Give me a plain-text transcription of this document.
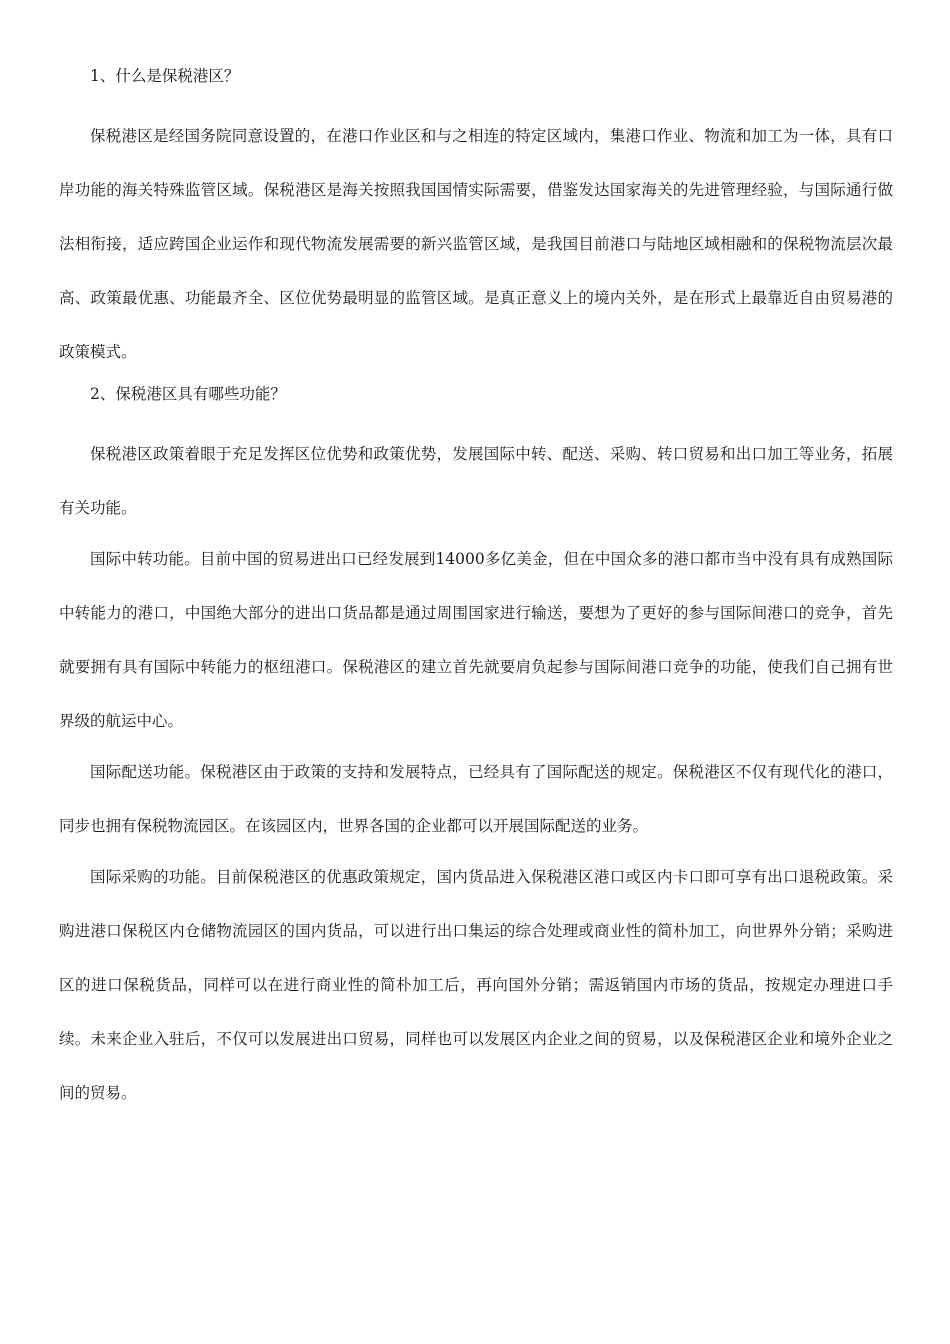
1、什么是保税港区？

保税港区是经国务院同意设置的，在港口作业区和与之相连的特定区域内，集港口作业、物流和加工为一体，具有口岸功能的海关特殊监管区域。保税港区是海关按照我国国情实际需要，借鉴发达国家海关的先进管理经验，与国际通行做法相衔接，适应跨国企业运作和现代物流发展需要的新兴监管区域，是我国目前港口与陆地区域相融和的保税物流层次最高、政策最优惠、功能最齐全、区位优势最明显的监管区域。是真正意义上的境内关外，是在形式上最靠近自由贸易港的政策模式。

2、保税港区具有哪些功能？

保税港区政策着眼于充足发挥区位优势和政策优势，发展国际中转、配送、采购、转口贸易和出口加工等业务，拓展有关功能。

国际中转功能。目前中国的贸易进出口已经发展到14000多亿美金，但在中国众多的港口都市当中没有具有成熟国际中转能力的港口，中国绝大部分的进出口货品都是通过周围国家进行输送，要想为了更好的参与国际间港口的竞争，首先就要拥有具有国际中转能力的枢纽港口。保税港区的建立首先就要肩负起参与国际间港口竞争的功能，使我们自己拥有世界级的航运中心。

国际配送功能。保税港区由于政策的支持和发展特点，已经具有了国际配送的规定。保税港区不仅有现代化的港口，同步也拥有保税物流园区。在该园区内，世界各国的企业都可以开展国际配送的业务。

国际采购的功能。目前保税港区的优惠政策规定，国内货品进入保税港区港口或区内卡口即可享有出口退税政策。采购进港口保税区内仓储物流园区的国内货品，可以进行出口集运的综合处理或商业性的简朴加工，向世界外分销；采购进区的进口保税货品，同样可以在进行商业性的简朴加工后，再向国外分销；需返销国内市场的货品，按规定办理进口手续。未来企业入驻后，不仅可以发展进出口贸易，同样也可以发展区内企业之间的贸易，以及保税港区企业和境外企业之间的贸易。
